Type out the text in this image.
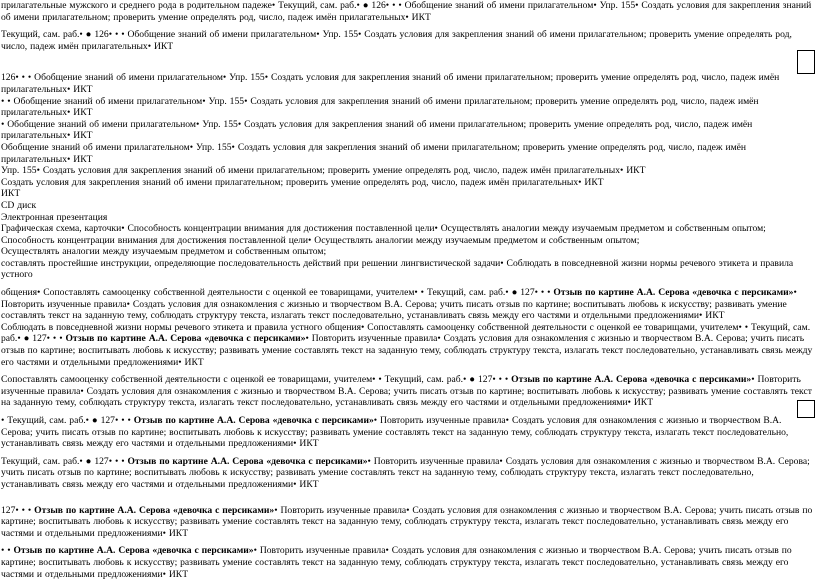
прилагательные мужского и среднего рода в родительном падеже• Текущий, сам. раб.• ● 126• • • Обобщение знаний об имени прилагательном• Упр. 155• Создать условия для закрепления знаний об имени прилагательном; проверить умение определять род, число, падеж имён прилагательных• ИКТ

Текущий, сам. раб.• ● 126• • • Обобщение знаний об имени прилагательном• Упр. 155• Создать условия для закрепления знаний об имени прилагательном; проверить умение определять род, число, падеж имён прилагательных• ИКТ

126• • • Обобщение знаний об имени прилагательном• Упр. 155• Создать условия для закрепления знаний об имени прилагательном; проверить умение определять род, число, падеж имён прилагательных• ИКТ

• • Обобщение знаний об имени прилагательном• Упр. 155• Создать условия для закрепления знаний об имени прилагательном; проверить умение определять род, число, падеж имён прилагательных• ИКТ

• Обобщение знаний об имени прилагательном• Упр. 155• Создать условия для закрепления знаний об имени прилагательном; проверить умение определять род, число, падеж имён прилагательных• ИКТ

Обобщение знаний об имени прилагательном• Упр. 155• Создать условия для закрепления знаний об имени прилагательном; проверить умение определять род, число, падеж имён прилагательных• ИКТ

Упр. 155• Создать условия для закрепления знаний об имени прилагательном; проверить умение определять род, число, падеж имён прилагательных• ИКТ

Создать условия для закрепления знаний об имени прилагательном; проверить умение определять род, число, падеж имён прилагательных• ИКТ

ИКТ

CD диск

Электронная презентация

Графическая схема, карточки• Способность концентрации внимания для достижения поставленной цели• Осуществлять аналогии между изучаемым предметом и собственным опытом;

Способность концентрации внимания для достижения поставленной цели• Осуществлять аналогии между изучаемым предметом и собственным опытом;

Осуществлять аналогии между изучаемым предметом и собственным опытом;

составлять простейшие инструкции, определяющие последовательность действий при решении лингвистической задачи• Соблюдать в повседневной жизни нормы речевого этикета и правила устного

общения• Сопоставлять самооценку собственной деятельности с оценкой ее товарищами, учителем• • Текущий, сам. раб.• ● 127• • • Отзыв по картине А.А. Серова «девочка с персиками»• Повторить изученные правила• Создать условия для ознакомления с жизнью и творчеством В.А. Серова; учить писать отзыв по картине; воспитывать любовь к искусству; развивать умение составлять текст на заданную тему, соблюдать структуру текста, излагать текст последовательно, устанавливать связь между его частями и отдельными предложениями• ИКТ

Соблюдать в повседневной жизни нормы речевого этикета и правила устного общения• Сопоставлять самооценку собственной деятельности с оценкой ее товарищами, учителем• • Текущий, сам.

раб.• ● 127• • • Отзыв по картине А.А. Серова «девочка с персиками»• Повторить изученные правила• Создать условия для ознакомления с жизнью и творчеством В.А. Серова; учить писать отзыв по картине; воспитывать любовь к искусству; развивать умение составлять текст на заданную тему, соблюдать структуру текста, излагать текст последовательно, устанавливать связь между его частями и отдельными предложениями• ИКТ

Сопоставлять самооценку собственной деятельности с оценкой ее товарищами, учителем• • Текущий, сам. раб.• ● 127• • • Отзыв по картине А.А. Серова «девочка с персиками»• Повторить изученные правила• Создать условия для ознакомления с жизнью и творчеством В.А. Серова; учить писать отзыв по картине; воспитывать любовь к искусству; развивать умение составлять текст на заданную тему, соблюдать структуру текста, излагать текст последовательно, устанавливать связь между его частями и отдельными предложениями• ИКТ

• Текущий, сам. раб.• ● 127• • • Отзыв по картине А.А. Серова «девочка с персиками»• Повторить изученные правила• Создать условия для ознакомления с жизнью и творчеством В.А. Серова; учить писать отзыв по картине; воспитывать любовь к искусству; развивать умение составлять текст на заданную тему, соблюдать структуру текста, излагать текст последовательно, устанавливать связь между его частями и отдельными предложениями• ИКТ

Текущий, сам. раб.• ● 127• • • Отзыв по картине А.А. Серова «девочка с персиками»• Повторить изученные правила• Создать условия для ознакомления с жизнью и творчеством В.А. Серова; учить писать отзыв по картине; воспитывать любовь к искусству; развивать умение составлять текст на заданную тему, соблюдать структуру текста, излагать текст последовательно, устанавливать связь между его частями и отдельными предложениями• ИКТ

127• • • Отзыв по картине А.А. Серова «девочка с персиками»• Повторить изученные правила• Создать условия для ознакомления с жизнью и творчеством В.А. Серова; учить писать отзыв по картине; воспитывать любовь к искусству; развивать умение составлять текст на заданную тему, соблюдать структуру текста, излагать текст последовательно, устанавливать связь между его частями и отдельными предложениями• ИКТ

• • Отзыв по картине А.А. Серова «девочка с персиками»• Повторить изученные правила• Создать условия для ознакомления с жизнью и творчеством В.А. Серова; учить писать отзыв по картине; воспитывать любовь к искусству; развивать умение составлять текст на заданную тему, соблюдать структуру текста, излагать текст последовательно, устанавливать связь между его частями и отдельными предложениями• ИКТ
